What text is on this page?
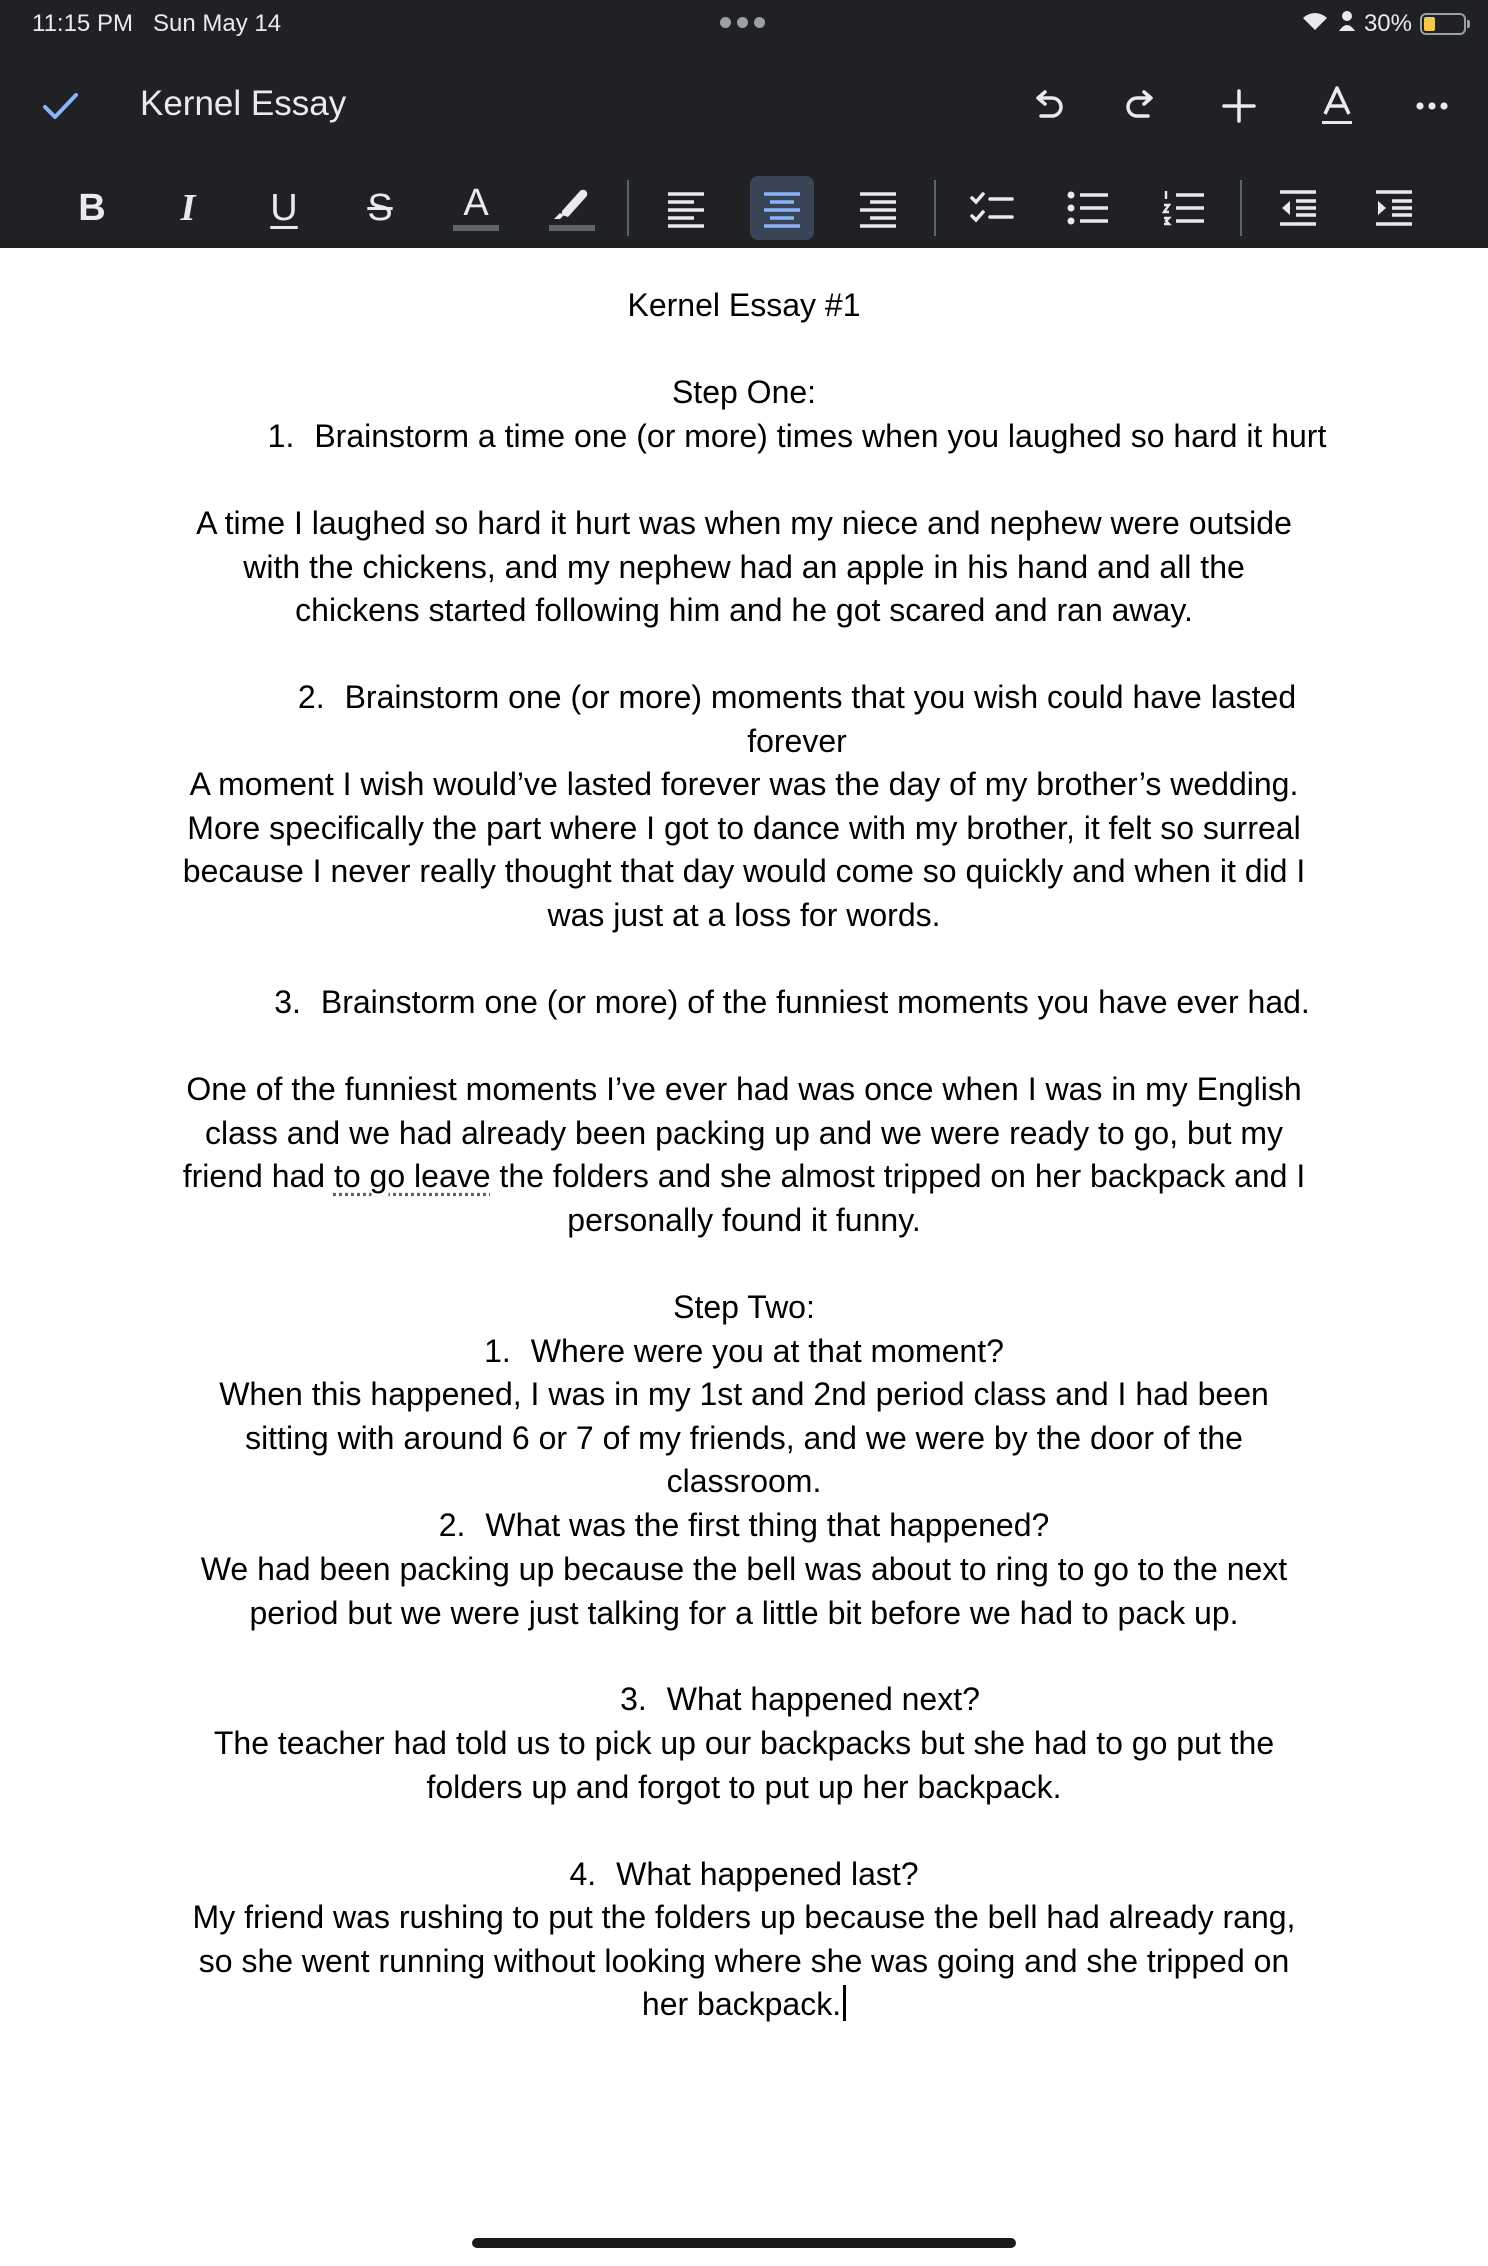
11:15 PM Sun May 14	30%
Kernel Essay
B I U S A

Kernel Essay #1

Step One:

1. Brainstorm a time one (or more) times when you laughed so hard it hurt

A time I laughed so hard it hurt was when my niece and nephew were outside with the chickens, and my nephew had an apple in his hand and all the chickens started following him and he got scared and ran away.

2. Brainstorm one (or more) moments that you wish could have lasted forever

A moment I wish would’ve lasted forever was the day of my brother’s wedding. More specifically the part where I got to dance with my brother, it felt so surreal because I never really thought that day would come so quickly and when it did I was just at a loss for words.

3. Brainstorm one (or more) of the funniest moments you have ever had.

One of the funniest moments I’ve ever had was once when I was in my English class and we had already been packing up and we were ready to go, but my friend had to go leave the folders and she almost tripped on her backpack and I personally found it funny.

Step Two:

1. Where were you at that moment?

When this happened, I was in my 1st and 2nd period class and I had been sitting with around 6 or 7 of my friends, and we were by the door of the classroom.

2. What was the first thing that happened?

We had been packing up because the bell was about to ring to go to the next period but we were just talking for a little bit before we had to pack up.

3. What happened next?

The teacher had told us to pick up our backpacks but she had to go put the folders up and forgot to put up her backpack.

4. What happened last?

My friend was rushing to put the folders up because the bell had already rang, so she went running without looking where she was going and she tripped on her backpack.
